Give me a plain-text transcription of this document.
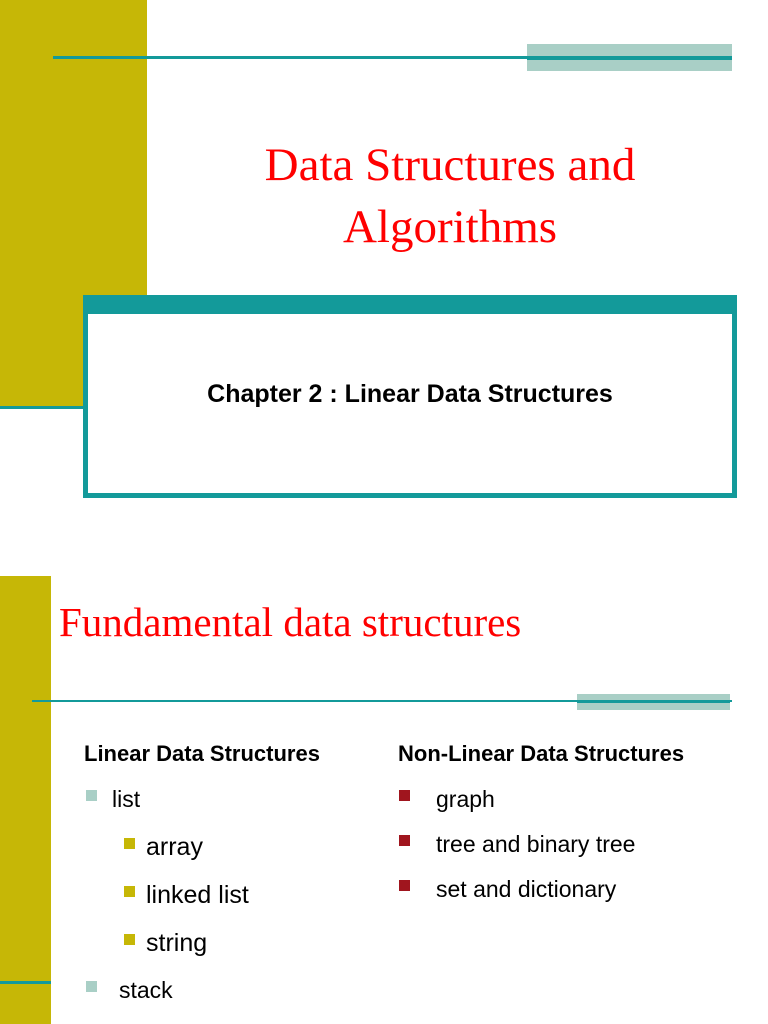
Data Structures and
Algorithms
Chapter 2 : Linear Data Structures
Fundamental data structures
Linear Data Structures
list
array
linked list
string
stack
Non-Linear Data Structures
graph
tree and binary tree
set and dictionary
